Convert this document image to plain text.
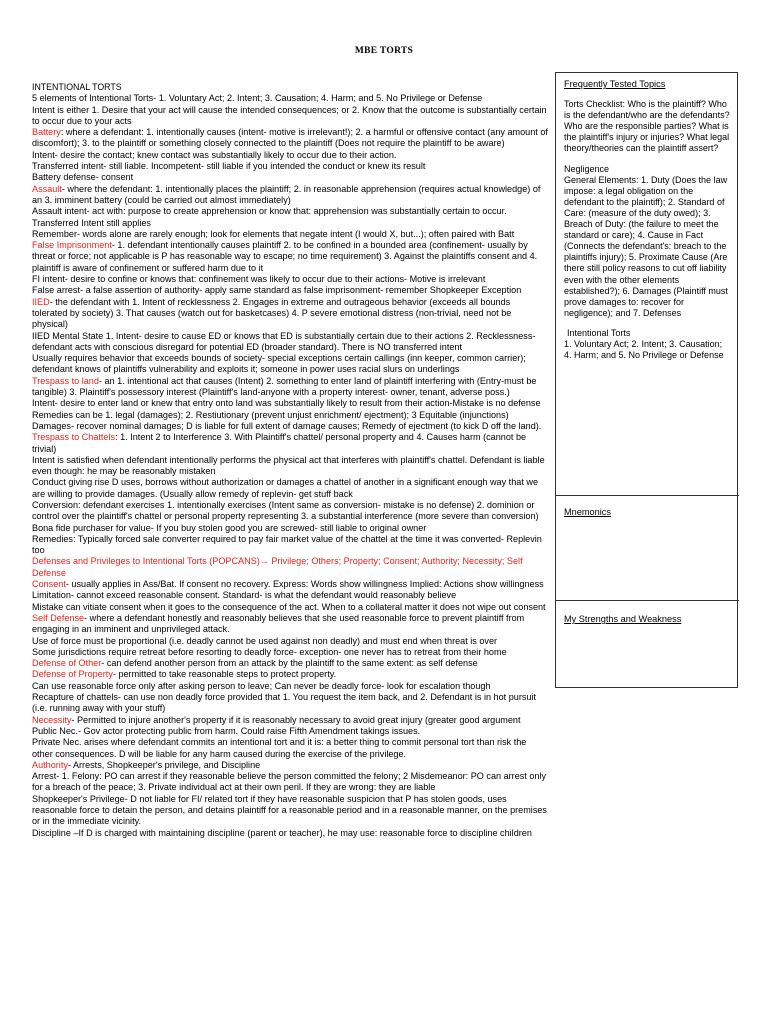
MBE TORTS

INTENTIONAL TORTS

5 elements of Intentional Torts- 1. Voluntary Act; 2. Intent; 3. Causation; 4. Harm; and 5. No Privilege or Defense

Intent is either 1. Desire that your act will cause the intended consequences; or 2. Know that the outcome is substantially certain to occur due to your acts

Battery: where a defendant: 1. intentionally causes (intent- motive is irrelevant!); 2. a harmful or offensive contact (any amount of discomfort); 3. to the plaintiff or something closely connected to the plaintiff (Does not require the plaintiff to be aware)

Intent- desire the contact; knew contact was substantially likely to occur due to their action.

Transferred intent- still liable. Incompetent- still liable if you intended the conduct or knew its result

Battery defense- consent

Assault- where the defendant: 1. intentionally places the plaintiff; 2. in reasonable apprehension (requires actual knowledge) of an 3. imminent battery (could be carried out almost immediately)

Assault intent- act with: purpose to create apprehension or know that: apprehension was substantially certain to occur. Transferred Intent still applies

Remember- words alone are rarely enough; look for elements that negate intent (I would X, but...); often paired with Batt

False Imprisonment- 1. defendant intentionally causes plaintiff 2. to be confined in a bounded area (confinement- usually by threat or force; not applicable is P has reasonable way to escape; no time requirement) 3. Against the plaintiffs consent and 4. plaintiff is aware of confinement or suffered harm due to it

FI intent- desire to confine or knows that: confinement was likely to occur due to their actions- Motive is irrelevant

False arrest- a false assertion of authority- apply same standard as false imprisonment- remember Shopkeeper Exception

IIED- the defendant with 1. Intent of recklessness 2. Engages in extreme and outrageous behavior (exceeds all bounds tolerated by society) 3. That causes (watch out for basketcases) 4. P severe emotional distress (non-trivial, need not be physical)

IIED Mental State 1. Intent- desire to cause ED or knows that ED is substantially certain due to their actions 2. Recklessness- defendant acts with conscious disregard for potential ED (broader standard). There is NO transferred intent

Usually requires behavior that exceeds bounds of society- special exceptions certain callings (inn keeper, common carrier); defendant knows of plaintiffs vulnerability and exploits it; someone in power uses racial slurs on underlings

Trespass to land- an 1. intentional act that causes (Intent) 2. something to enter land of plaintiff interfering with (Entry-must be tangible) 3. Plaintiff's possessory interest (Plaintiff's land-anyone with a property interest- owner, tenant, adverse poss.)

Intent- desire to enter land or knew that entry onto land was substantially likely to result from their action-Mistake is no defense

Remedies can be 1. legal (damages); 2. Restiutionary (prevent unjust enrichment/ ejectment); 3 Equitable (injunctions)

Damages- recover nominal damages; D is liable for full extent of damage causes; Remedy of ejectment (to kick D off the land).

Trespass to Chattels: 1. Intent 2 to Interference 3. With Plaintiff's chattel/ personal property and 4. Causes harm (cannot be trivial)

Intent is satisfied when defendant intentionally performs the physical act that interferes with plaintiff's chattel. Defendant is liable even though: he may be reasonably mistaken

Conduct giving rise D uses, borrows without authorization or damages a chattel of another in a significant enough way that we are willing to provide damages. (Usually allow remedy of replevin- get stuff back

Conversion: defendant exercises 1. intentionally exercises (Intent same as conversion- mistake is no defense) 2. dominion or control over the plaintiff's chattel or personal property representing 3. a substantial interference (more severe than conversion)

Bona fide purchaser for value- If you buy stolen good you are screwed- still liable to original owner

Remedies: Typically forced sale converter required to pay fair market value of the chattel at the time it was converted- Replevin too

Defenses and Privileges to Intentional Torts (POPCANS)→ Privilege; Others; Property; Consent; Authority; Necessity; Self Defense

Consent- usually applies in Ass/Bat. If consent no recovery. Express: Words show willingness Implied: Actions show willingness

Limitation- cannot exceed reasonable consent. Standard- is what the defendant would reasonably believe

Mistake can vitiate consent when it goes to the consequence of the act. When to a collateral matter it does not wipe out consent

Self Defense- where a defendant honestly and reasonably believes that she used reasonable force to prevent plaintiff from engaging in an imminent and unprivileged attack.

Use of force must be proportional (i.e. deadly cannot be used against non deadly) and must end when threat is over

Some jurisdictions require retreat before resorting to deadly force- exception- one never has to retreat from their home

Defense of Other- can defend another person from an attack by the plaintiff to the same extent: as self defense

Defense of Property- permitted to take reasonable steps to protect property.

Can use reasonable force only after asking person to leave; Can never be deadly force- look for escalation though

Recapture of chattels- can use non deadly force provided that 1. You request the item back, and 2. Defendant is in hot pursuit (i.e. running away with your stuff)

Necessity- Permitted to injure another's property if it is reasonably necessary to avoid great injury (greater good argument

Public Nec.- Gov actor protecting public from harm. Could raise Fifth Amendment takings issues.

Private Nec. arises where defendant commits an intentional tort and it is: a better thing to commit personal tort than risk the other consequences. D will be liable for any harm caused during the exercise of the privilege.

Authority- Arrests, Shopkeeper's privilege, and Discipline

Arrest- 1. Felony: PO can arrest if they reasonable believe the person committed the felony; 2 Misdemeanor: PO can arrest only for a breach of the peace; 3. Private individual act at their own peril. If they are wrong: they are liable

Shopkeeper's Privilege- D not liable for FI/ related tort if they have reasonable suspicion that P has stolen goods, uses reasonable force to detain the person, and detains plaintiff for a reasonable period and in a reasonable manner, on the premises or in the immediate vicinity.

Discipline –If D is charged with maintaining discipline (parent or teacher), he may use: reasonable force to discipline children

Frequently Tested Topics
Torts Checklist: Who is the plaintiff? Who is the defendant/who are the defendants? Who are the responsible parties? What is the plaintiff's injury or injuries? What legal theory/theories can the plaintiff assert?
Negligence
General Elements: 1. Duty (Does the law impose: a legal obligation on the defendant to the plaintiff); 2. Standard of Care: (measure of the duty owed); 3. Breach of Duty: (the failure to meet the standard or care); 4. Cause in Fact (Connects the defendant's: breach to the plaintiffs injury); 5. Proximate Cause (Are there still policy reasons to cut off liability even with the other elements established?); 6. Damages (Plaintiff must prove damages to: recover for negligence); and 7. Defenses
Intentional Torts
1. Voluntary Act; 2. Intent; 3. Causation; 4. Harm; and 5. No Privilege or Defense
Mnemonics
My Strengths and Weakness
